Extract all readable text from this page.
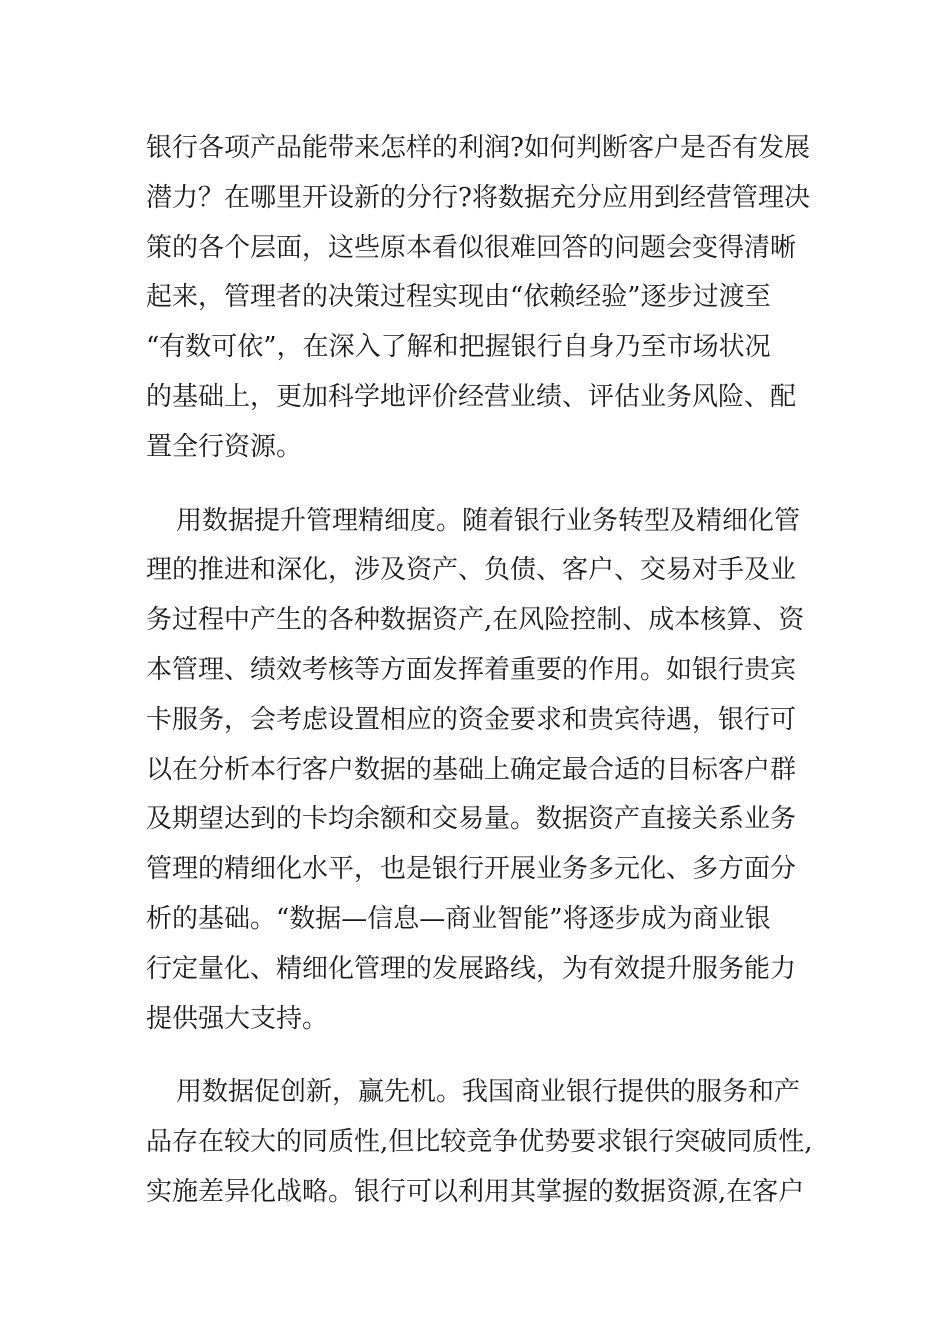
银行各项产品能带来怎样的利润?如何判断客户是否有发展
潜力？在哪里开设新的分行?将数据充分应用到经营管理决
策的各个层面，这些原本看似很难回答的问题会变得清晰
起来，管理者的决策过程实现由“依赖经验”逐步过渡至
“有数可依”，在深入了解和把握银行自身乃至市场状况
的基础上，更加科学地评价经营业绩、评估业务风险、配
置全行资源。
用数据提升管理精细度。随着银行业务转型及精细化管
理的推进和深化，涉及资产、负债、客户、交易对手及业
务过程中产生的各种数据资产,在风险控制、成本核算、资
本管理、绩效考核等方面发挥着重要的作用。如银行贵宾
卡服务，会考虑设置相应的资金要求和贵宾待遇，银行可
以在分析本行客户数据的基础上确定最合适的目标客户群
及期望达到的卡均余额和交易量。数据资产直接关系业务
管理的精细化水平，也是银行开展业务多元化、多方面分
析的基础。“数据—信息—商业智能”将逐步成为商业银
行定量化、精细化管理的发展路线，为有效提升服务能力
提供强大支持。
用数据促创新，赢先机。我国商业银行提供的服务和产
品存在较大的同质性,但比较竞争优势要求银行突破同质性,
实施差异化战略。银行可以利用其掌握的数据资源,在客户
